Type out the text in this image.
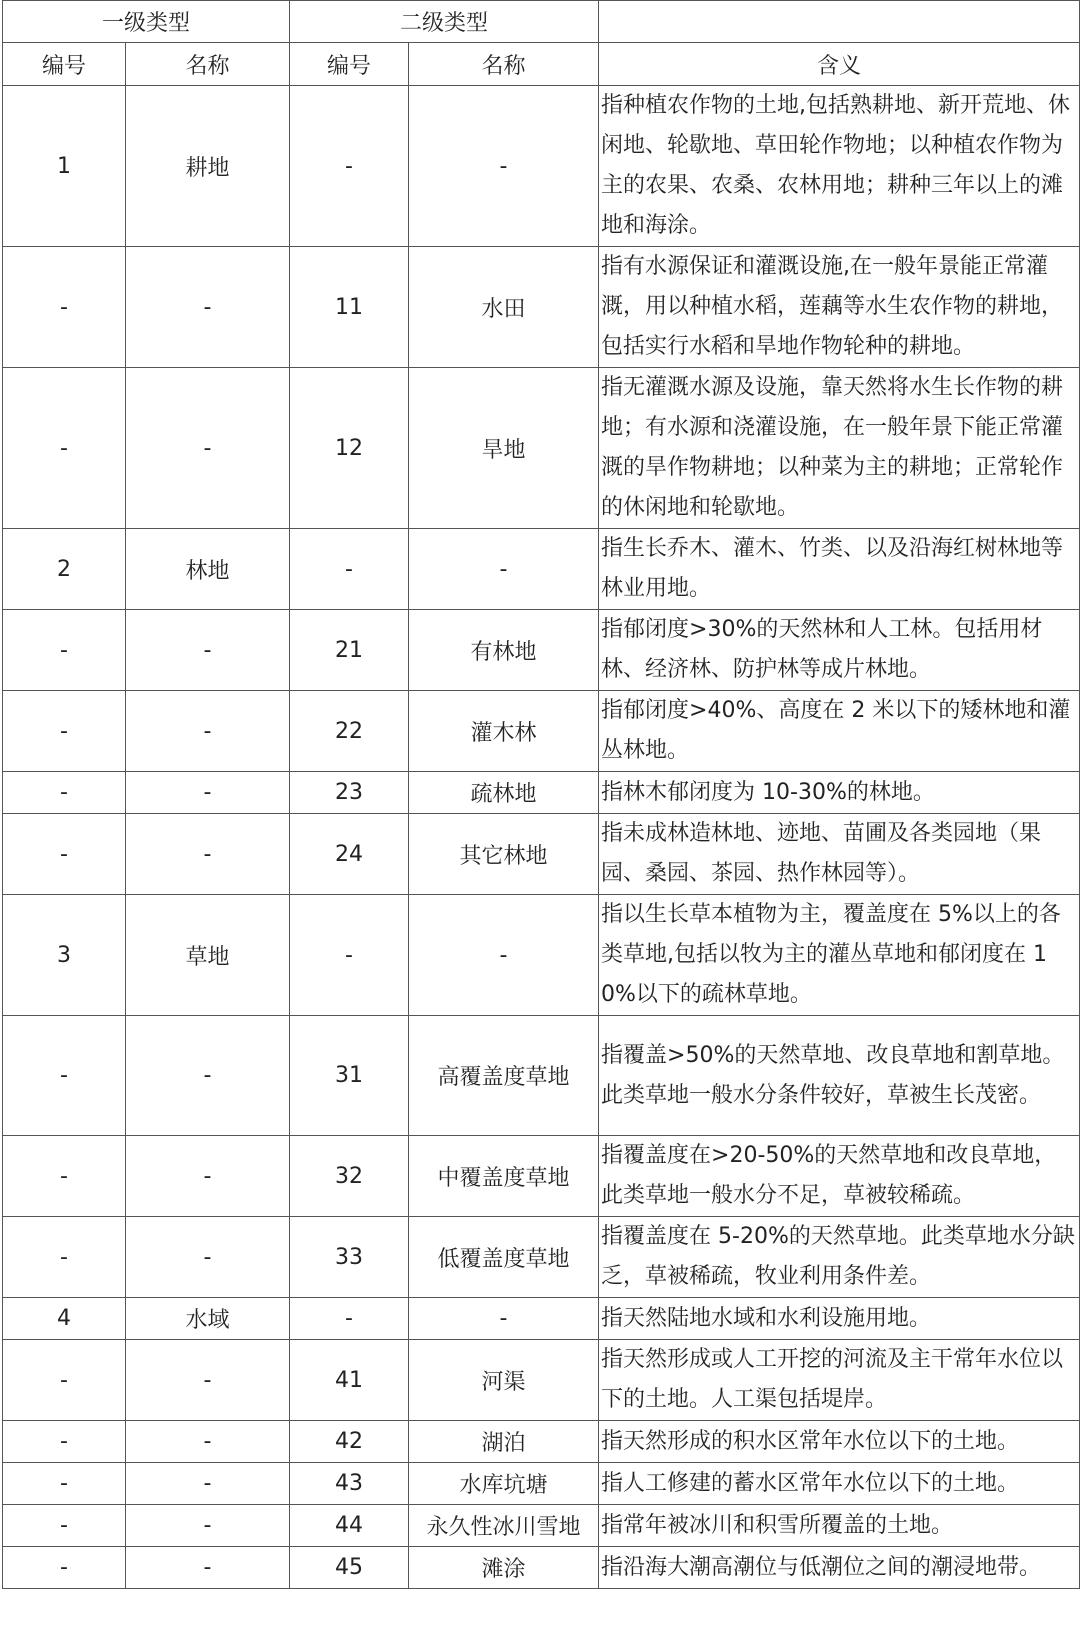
一级类型		二级类型		
编号	名称	编号	名称	含义
1	耕地	-	-	指种植农作物的土地,包括熟耕地、新开荒地、休闲地、轮歇地、草田轮作物地；以种植农作物为主的农果、农桑、农林用地；耕种三年以上的滩地和海涂。
-	-	11	水田	指有水源保证和灌溉设施,在一般年景能正常灌溉，用以种植水稻，莲藕等水生农作物的耕地，包括实行水稻和旱地作物轮种的耕地。
-	-	12	旱地	指无灌溉水源及设施，靠天然将水生长作物的耕地；有水源和浇灌设施，在一般年景下能正常灌溉的旱作物耕地；以种菜为主的耕地；正常轮作的休闲地和轮歇地。
2	林地	-	-	指生长乔木、灌木、竹类、以及沿海红树林地等林业用地。
-	-	21	有林地	指郁闭度>30%的天然林和人工林。包括用材林、经济林、防护林等成片林地。
-	-	22	灌木林	指郁闭度>40%、高度在 2 米以下的矮林地和灌丛林地。
-	-	23	疏林地	指林木郁闭度为 10-30%的林地。
-	-	24	其它林地	指未成林造林地、迹地、苗圃及各类园地（果园、桑园、茶园、热作林园等）。
3	草地	-	-	指以生长草本植物为主，覆盖度在 5%以上的各类草地,包括以牧为主的灌丛草地和郁闭度在 10%以下的疏林草地。
-	-	31	高覆盖度草地	指覆盖>50%的天然草地、改良草地和割草地。此类草地一般水分条件较好，草被生长茂密。
-	-	32	中覆盖度草地	指覆盖度在>20-50%的天然草地和改良草地，此类草地一般水分不足，草被较稀疏。
-	-	33	低覆盖度草地	指覆盖度在 5-20%的天然草地。此类草地水分缺乏，草被稀疏，牧业利用条件差。
4	水域	-	-	指天然陆地水域和水利设施用地。
-	-	41	河渠	指天然形成或人工开挖的河流及主干常年水位以下的土地。人工渠包括堤岸。
-	-	42	湖泊	指天然形成的积水区常年水位以下的土地。
-	-	43	水库坑塘	指人工修建的蓄水区常年水位以下的土地。
-	-	44	永久性冰川雪地	指常年被冰川和积雪所覆盖的土地。
-	-	45	滩涂	指沿海大潮高潮位与低潮位之间的潮浸地带。
